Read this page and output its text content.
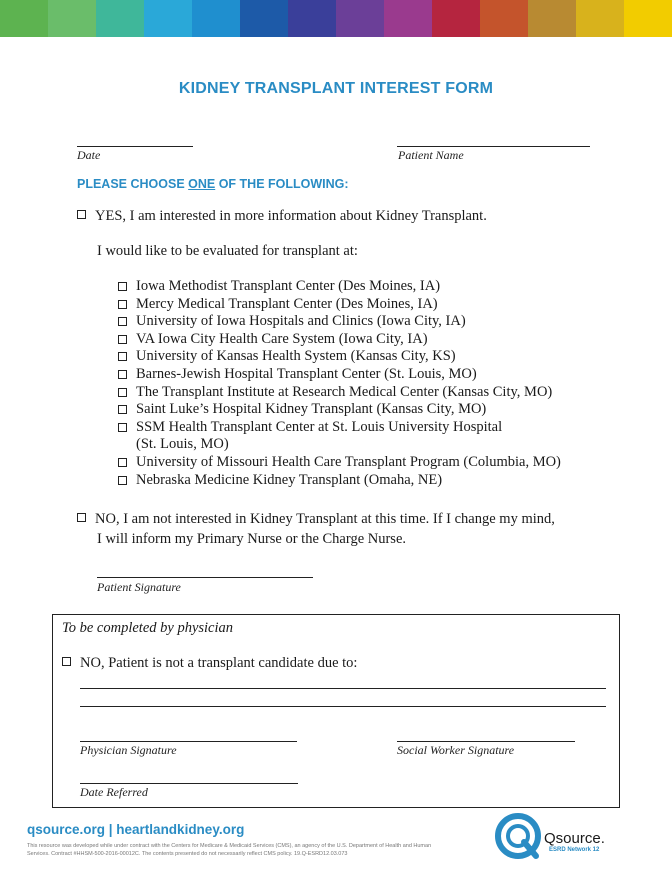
KIDNEY TRANSPLANT INTEREST FORM
Date	Patient Name
PLEASE CHOOSE ONE OF THE FOLLOWING:
YES, I am interested in more information about Kidney Transplant.
I would like to be evaluated for transplant at:
Iowa Methodist Transplant Center (Des Moines, IA)
Mercy Medical Transplant Center (Des Moines, IA)
University of Iowa Hospitals and Clinics (Iowa City, IA)
VA Iowa City Health Care System (Iowa City, IA)
University of Kansas Health System (Kansas City, KS)
Barnes-Jewish Hospital Transplant Center (St. Louis, MO)
The Transplant Institute at Research Medical Center (Kansas City, MO)
Saint Luke’s Hospital Kidney Transplant (Kansas City, MO)
SSM Health Transplant Center at St. Louis University Hospital
(St. Louis, MO)
University of Missouri Health Care Transplant Program (Columbia, MO)
Nebraska Medicine Kidney Transplant (Omaha, NE)
NO, I am not interested in Kidney Transplant at this time. If I change my mind,
I will inform my Primary Nurse or the Charge Nurse.
Patient Signature
To be completed by physician
NO, Patient is not a transplant candidate due to:
Physician Signature	Social Worker Signature
Date Referred
qsource.org | heartlandkidney.org
This resource was developed while under contract with the Centers for Medicare & Medicaid Services (CMS), an agency of the U.S. Department of Health and Human Services. Contract #HHSM-500-2016-00012C. The contents presented do not necessarily reflect CMS policy. 19.Q-ESRD12.03.073
Qsource.
ESRD Network 12
